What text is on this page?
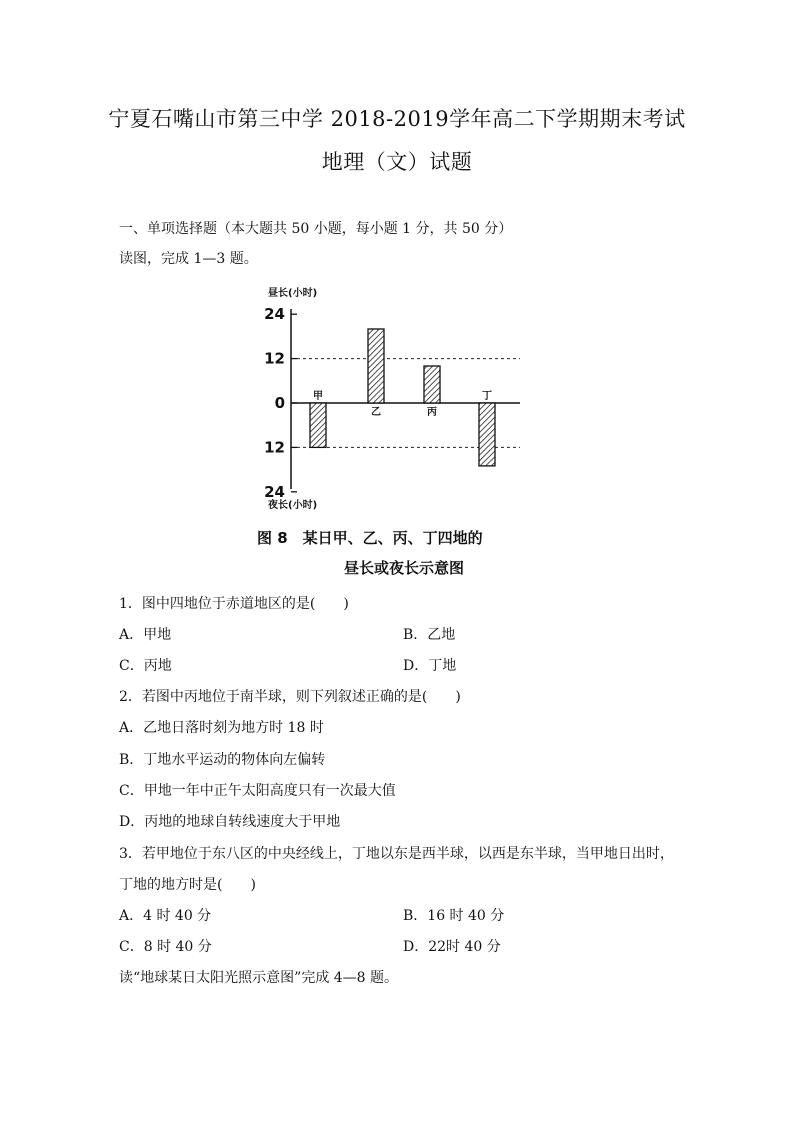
宁夏石嘴山市第三中学 2018-2019学年高二下学期期末考试
地理（文）试题
一、单项选择题（本大题共 50 小题，每小题 1 分，共 50 分）
读图，完成 1—3 题。
昼长(小时)
夜长(小时)
24
12
0
12
24
甲
乙	丙
丁
图 8　某日甲、乙、丙、丁四地的
昼长或夜长示意图
1．图中四地位于赤道地区的是(　　)
A．甲地	B．乙地
C．丙地	D．丁地
2．若图中丙地位于南半球，则下列叙述正确的是(　　)
A．乙地日落时刻为地方时 18 时
B．丁地水平运动的物体向左偏转
C．甲地一年中正午太阳高度只有一次最大值
D．丙地的地球自转线速度大于甲地
3．若甲地位于东八区的中央经线上，丁地以东是西半球，以西是东半球，当甲地日出时，
丁地的地方时是(　　)
A．4 时 40 分	B．16 时 40 分
C．8 时 40 分	D．22时 40 分
读“地球某日太阳光照示意图”完成 4—8 题。
